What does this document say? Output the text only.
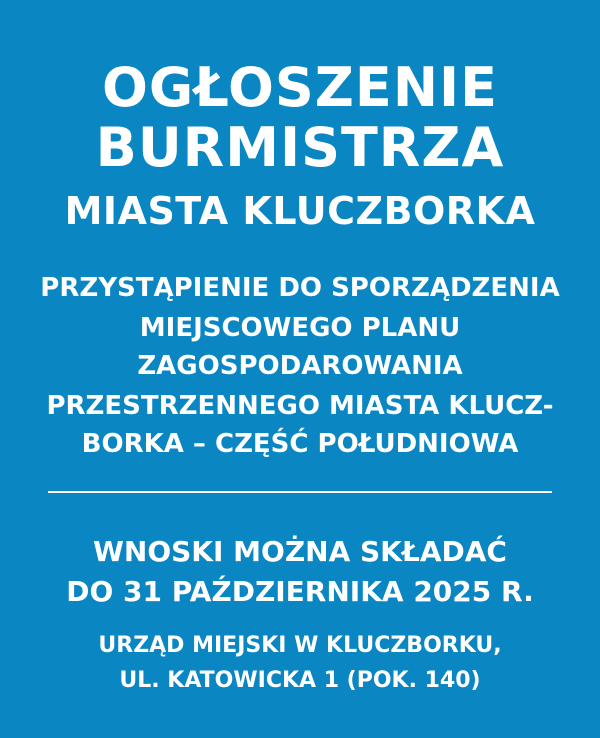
OGŁOSZENIE
BURMISTRZA
MIASTA KLUCZBORKA
PRZYSTĄPIENIE DO SPORZĄDZENIA
MIEJSCOWEGO PLANU
ZAGOSPODAROWANIA
PRZESTRZENNEGO MIASTA KLUCZ-
BORKA – CZĘŚĆ POŁUDNIOWA
WNOSKI MOŻNA SKŁADAĆ
DO 31 PAŹDZIERNIKA 2025 R.
URZĄD MIEJSKI W KLUCZBORKU,
UL. KATOWICKA 1 (POK. 140)
